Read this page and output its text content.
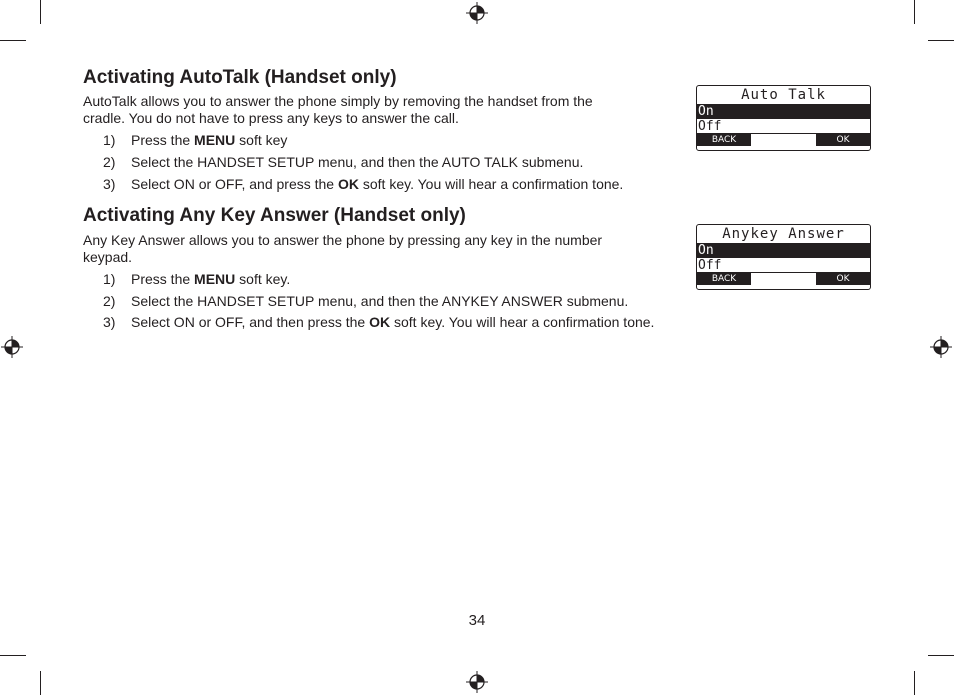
Activating AutoTalk (Handset only)
AutoTalk allows you to answer the phone simply by removing the handset from the
cradle. You do not have to press any keys to answer the call.
1) Press the MENU soft key
2) Select the HANDSET SETUP menu, and then the AUTO TALK submenu.
3) Select ON or OFF, and press the OK soft key. You will hear a confirmation tone.
Auto Talk
On
Off
BACK	OK
Activating Any Key Answer (Handset only)
Any Key Answer allows you to answer the phone by pressing any key in the number
keypad.
1) Press the MENU soft key.
2) Select the HANDSET SETUP menu, and then the ANYKEY ANSWER submenu.
3) Select ON or OFF, and then press the OK soft key. You will hear a confirmation tone.
Anykey Answer
On
Off
BACK	OK
34
